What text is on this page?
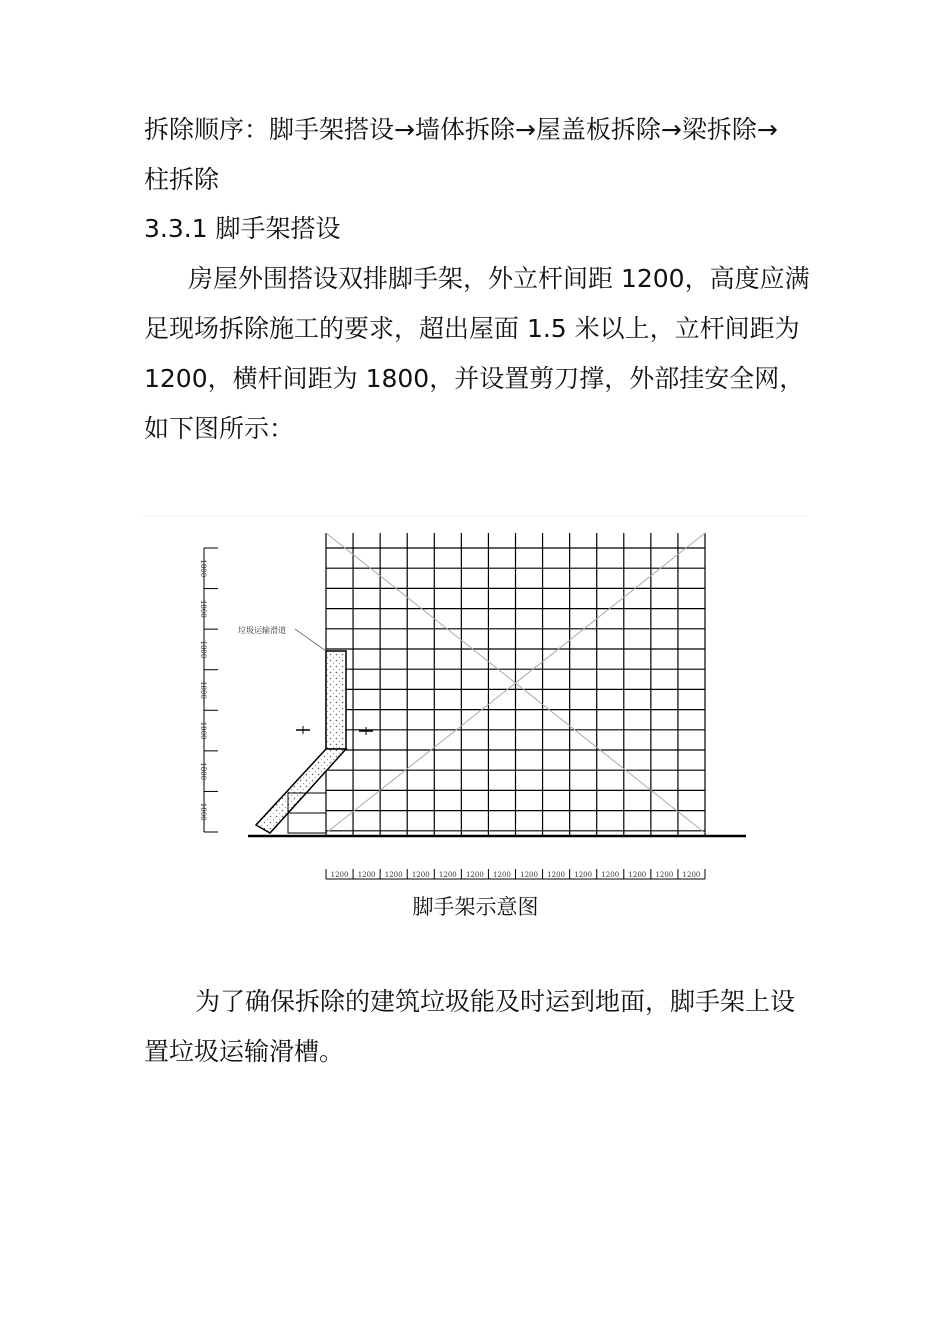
拆除顺序：脚手架搭设→墙体拆除→屋盖板拆除→梁拆除→
柱拆除
3.3.1 脚手架搭设
房屋外围搭设双排脚手架，外立杆间距 1200，高度应满
足现场拆除施工的要求，超出屋面 1.5 米以上，立杆间距为
1200，横杆间距为 1800，并设置剪刀撑，外部挂安全网，
如下图所示：
垃圾运输滑道
1800
1800
1800
1800
1800
1800
1800
1200 1200 1200 1200 1200 1200 1200 1200 1200 1200 1200 1200 1200 1200
脚手架示意图
为了确保拆除的建筑垃圾能及时运到地面，脚手架上设
置垃圾运输滑槽。
